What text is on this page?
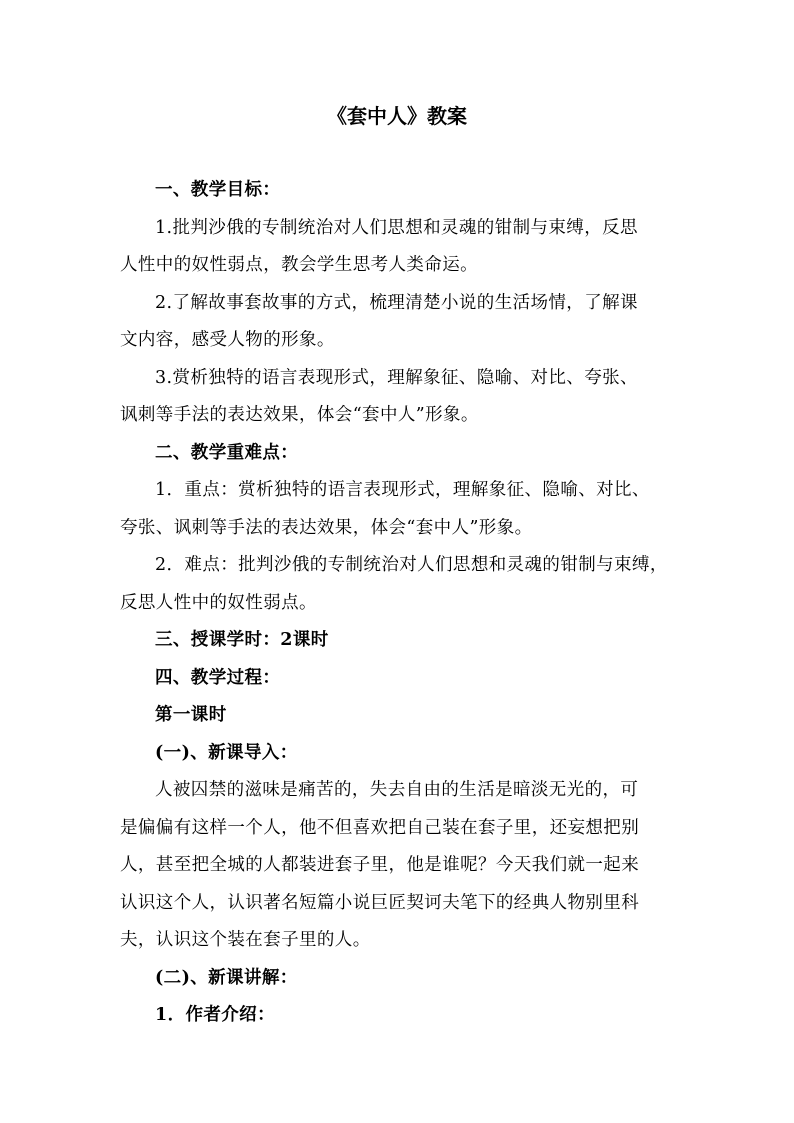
《套中人》教案
一、教学目标：
1.批判沙俄的专制统治对人们思想和灵魂的钳制与束缚，反思
人性中的奴性弱点，教会学生思考人类命运。
2.了解故事套故事的方式，梳理清楚小说的生活场情，了解课
文内容，感受人物的形象。
3.赏析独特的语言表现形式，理解象征、隐喻、对比、夸张、
讽刺等手法的表达效果，体会“套中人”形象。
二、教学重难点：
1．重点：赏析独特的语言表现形式，理解象征、隐喻、对比、
夸张、讽刺等手法的表达效果，体会“套中人”形象。
2．难点：批判沙俄的专制统治对人们思想和灵魂的钳制与束缚，
反思人性中的奴性弱点。
三、授课学时：2课时
四、教学过程：
第一课时
(一)、新课导入：
人被囚禁的滋味是痛苦的，失去自由的生活是暗淡无光的，可
是偏偏有这样一个人，他不但喜欢把自己装在套子里，还妄想把别
人，甚至把全城的人都装进套子里，他是谁呢？今天我们就一起来
认识这个人，认识著名短篇小说巨匠契诃夫笔下的经典人物别里科
夫，认识这个装在套子里的人。
(二)、新课讲解：
1．作者介绍：
